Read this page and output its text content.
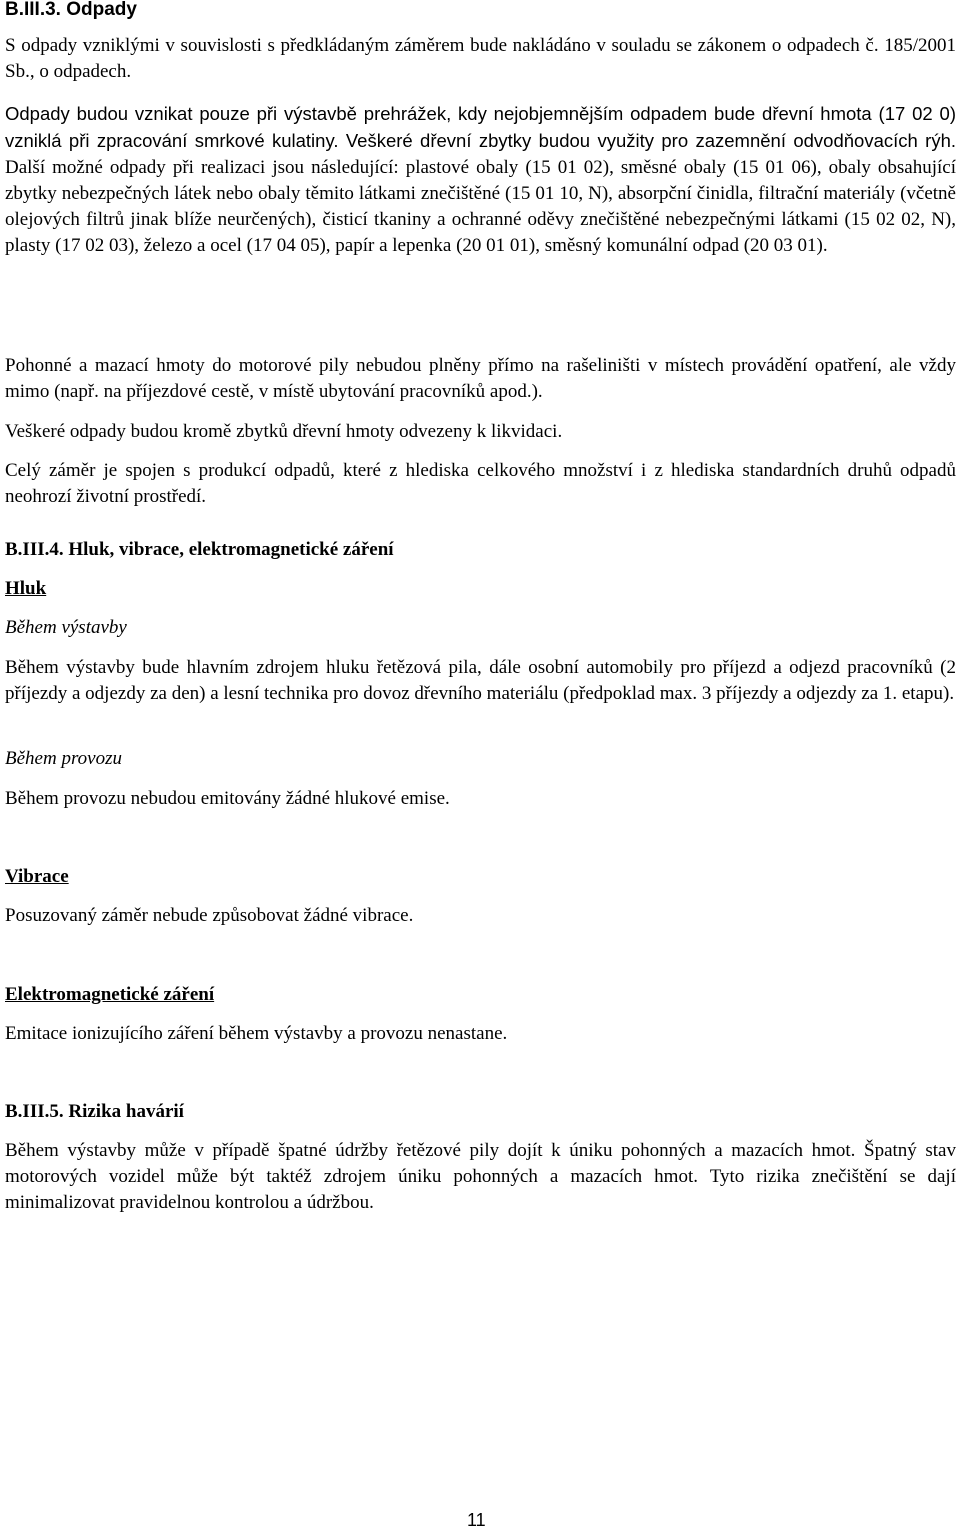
B.III.3. Odpady

S odpady vzniklými v souvislosti s předkládaným záměrem bude nakládáno v souladu se zákonem o odpadech č. 185/2001 Sb., o odpadech.

Odpady budou vznikat pouze při výstavbě prehrážek, kdy nejobjemnějším odpadem bude dřevní hmota (17 02 0) vzniklá při zpracování smrkové kulatiny. Veškeré dřevní zbytky budou využity pro zazemnění odvodňovacích rýh. Další možné odpady při realizaci jsou následující: plastové obaly (15 01 02), směsné obaly (15 01 06), obaly obsahující zbytky nebezpečných látek nebo obaly těmito látkami znečištěné (15 01 10, N), absorpční činidla, filtrační materiály (včetně olejových filtrů jinak blíže neurčených), čisticí tkaniny a ochranné oděvy znečištěné nebezpečnými látkami (15 02 02, N), plasty (17 02 03), železo a ocel (17 04 05), papír a lepenka (20 01 01), směsný komunální odpad (20 03 01).

Pohonné a mazací hmoty do motorové pily nebudou plněny přímo na rašeliništi v místech provádění opatření, ale vždy mimo (např. na příjezdové cestě, v místě ubytování pracovníků apod.).

Veškeré odpady budou kromě zbytků dřevní hmoty odvezeny k likvidaci.

Celý záměr je spojen s produkcí odpadů, které z hlediska celkového množství i z hlediska standardních druhů odpadů neohrozí životní prostředí.

B.III.4. Hluk, vibrace, elektromagnetické záření

Hluk

Během výstavby

Během výstavby bude hlavním zdrojem hluku řetězová pila, dále osobní automobily pro příjezd a odjezd pracovníků (2 příjezdy a odjezdy za den) a lesní technika pro dovoz dřevního materiálu (předpoklad max. 3 příjezdy a odjezdy za 1. etapu).

Během provozu

Během provozu nebudou emitovány žádné hlukové emise.

Vibrace

Posuzovaný záměr nebude způsobovat žádné vibrace.

Elektromagnetické záření

Emitace ionizujícího záření během výstavby a provozu nenastane.

B.III.5. Rizika havárií

Během výstavby může v případě špatné údržby řetězové pily dojít k úniku pohonných a mazacích hmot. Špatný stav motorových vozidel může být taktéž zdrojem úniku pohonných a mazacích hmot. Tyto rizika znečištění se dají minimalizovat pravidelnou kontrolou a údržbou.

11
